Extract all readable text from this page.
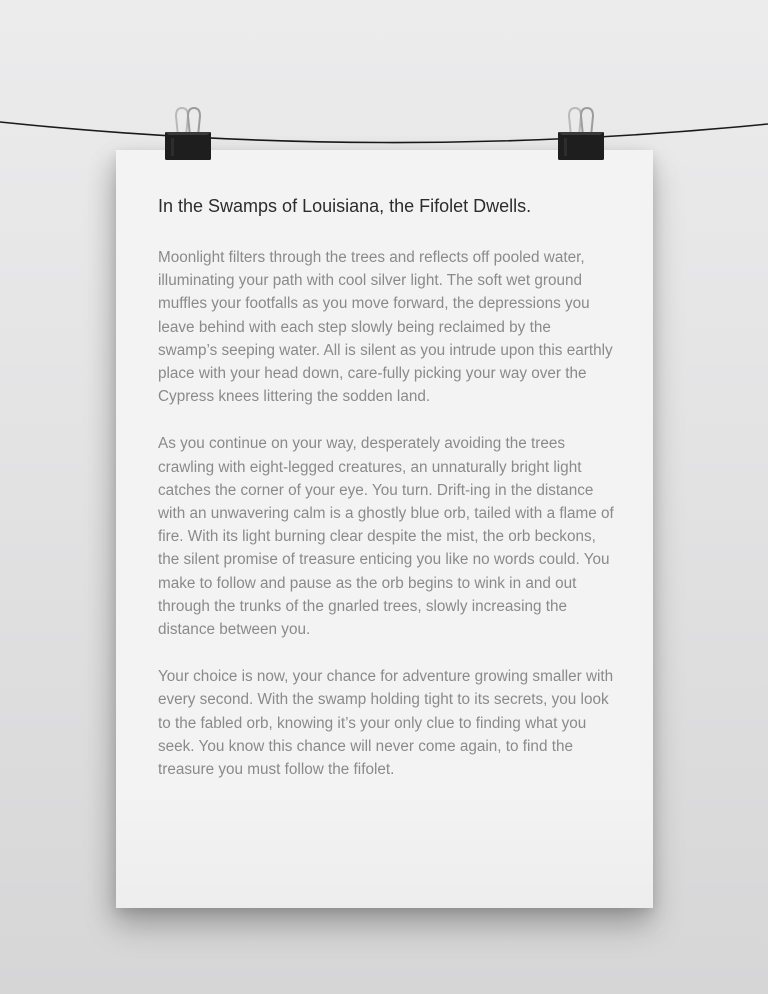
In the Swamps of Louisiana, the Fifolet Dwells.

Moonlight filters through the trees and reflects off pooled water, illuminating your path with cool silver light. The soft wet ground muffles your footfalls as you move forward, the depressions you leave behind with each step slowly being reclaimed by the swamp’s seeping water. All is silent as you intrude upon this earthly place with your head down, care-fully picking your way over the Cypress knees littering the sodden land.

As you continue on your way, desperately avoiding the trees crawling with eight-legged creatures, an unnaturally bright light catches the corner of your eye. You turn. Drift-ing in the distance with an unwavering calm is a ghostly blue orb, tailed with a flame of fire. With its light burning clear despite the mist, the orb beckons, the silent promise of treasure enticing you like no words could. You make to follow and pause as the orb begins to wink in and out through the trunks of the gnarled trees, slowly increasing the distance between you.

Your choice is now, your chance for adventure growing smaller with every second. With the swamp holding tight to its secrets, you look to the fabled orb, knowing it’s your only clue to finding what you seek. You know this chance will never come again, to find the treasure you must follow the fifolet.
